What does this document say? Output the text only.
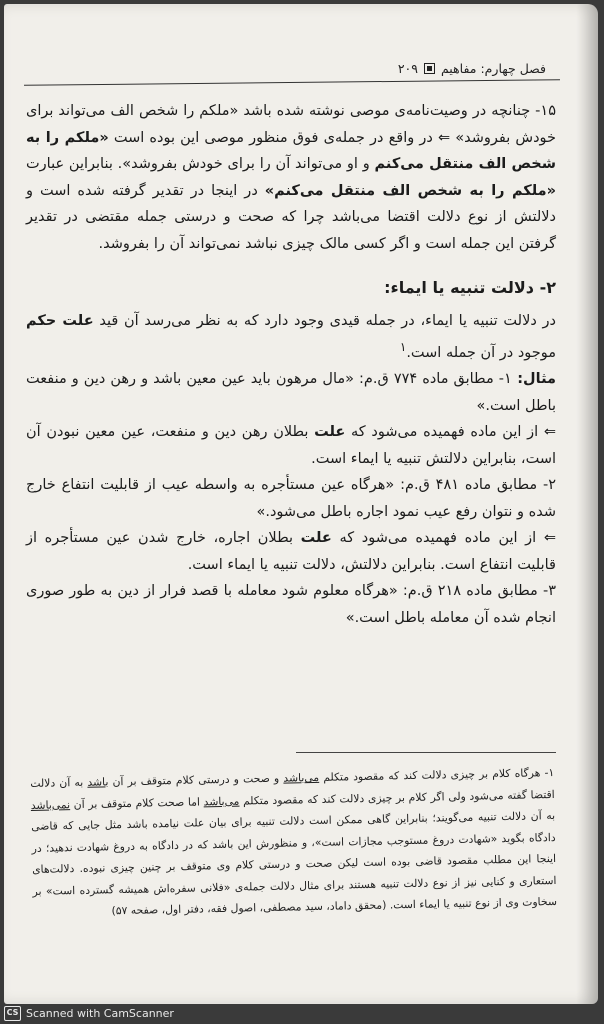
فصل چهارم: مفاهیم
۲۰۹

۱۵- چنانچه در وصیت‌نامه‌ی موصی نوشته شده باشد «ملکم را شخص الف می‌تواند برای خودش بفروشد» ⇐ در واقع در جمله‌ی فوق منظور موصی این بوده است «ملکم را به شخص الف منتقل می‌کنم و او می‌تواند آن را برای خودش بفروشد». بنابراین عبارت «ملکم را به شخص الف منتقل می‌کنم» در اینجا در تقدیر گرفته شده است و دلالتش از نوع دلالت اقتضا می‌باشد چرا که صحت و درستی جمله مقتضی در تقدیر گرفتن این جمله است و اگر کسی مالک چیزی نباشد نمی‌تواند آن را بفروشد.

۲- دلالت تنبیه یا ایماء:

در دلالت تنبیه یا ایماء، در جمله قیدی وجود دارد که به نظر می‌رسد آن قید علت حکم موجود در آن جمله است.$^۱$

مثال: ۱- مطابق ماده ۷۷۴ ق.م: «مال مرهون باید عین معین باشد و رهن دین و منفعت باطل است.»

⇐ از این ماده فهمیده می‌شود که علت بطلان رهن دین و منفعت، عین معین نبودن آن است، بنابراین دلالتش تنبیه یا ایماء است.

۲- مطابق ماده ۴۸۱ ق.م: «هرگاه عین مستأجره به واسطه عیب از قابلیت انتفاع خارج شده و نتوان رفع عیب نمود اجاره باطل می‌شود.»

⇐ از این ماده فهمیده می‌شود که علت بطلان اجاره، خارج شدن عین مستأجره از قابلیت انتفاع است. بنابراین دلالتش، دلالت تنبیه یا ایماء است.

۳- مطابق ماده ۲۱۸ ق.م: «هرگاه معلوم شود معامله با قصد فرار از دین به طور صوری انجام شده آن معامله باطل است.»

۱- هرگاه کلام بر چیزی دلالت کند که مقصود متکلم می‌باشد و صحت و درستی کلام متوقف بر آن باشد به آن دلالت اقتضا گفته می‌شود ولی اگر کلام بر چیزی دلالت کند که مقصود متکلم می‌باشد اما صحت کلام متوقف بر آن نمی‌باشد به آن دلالت تنبیه می‌گویند؛ بنابراین گاهی ممکن است دلالت تنبیه برای بیان علت نیامده باشد مثل جایی که قاضی دادگاه بگوید «شهادت دروغ مستوجب مجازات است»، و منظورش این باشد که در دادگاه به دروغ شهادت ندهید؛ در اینجا این مطلب مقصود قاضی بوده است لیکن صحت و درستی کلام وی متوقف بر چنین چیزی نبوده. دلالت‌های استعاری و کنایی نیز از نوع دلالت تنبیه هستند برای مثال دلالت جمله‌ی «فلانی سفره‌اش همیشه گسترده است» بر سخاوت وی از نوع تنبیه یا ایماء است. (محقق داماد، سید مصطفی، اصول فقه، دفتر اول، صفحه ۵۷)

CS Scanned with CamScanner
